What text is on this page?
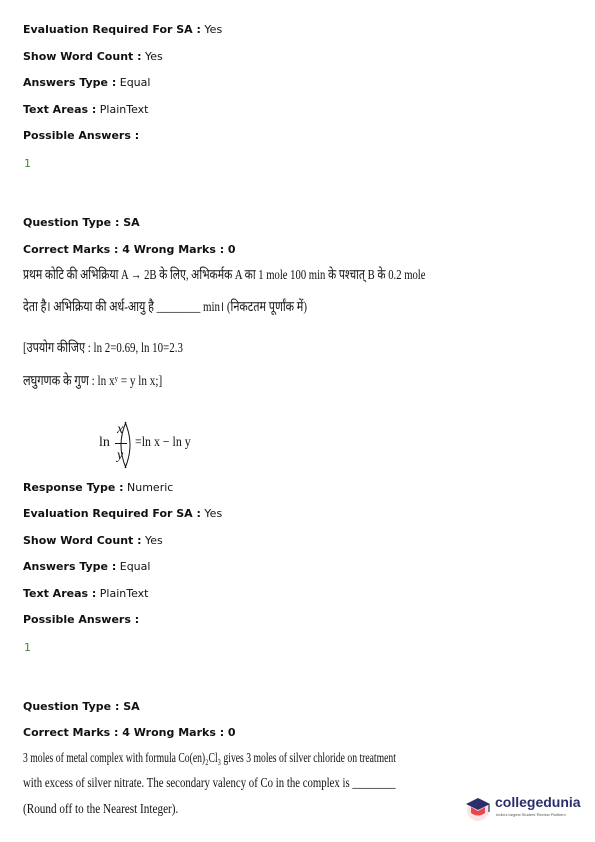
Evaluation Required For SA : Yes
Show Word Count : Yes
Answers Type : Equal
Text Areas : PlainText
Possible Answers :
1
Question Type : SA
Correct Marks : 4 Wrong Marks : 0
प्रथम कोटि की अभिक्रिया A → 2B के लिए, अभिकर्मक A का 1 mole 100 min के पश्चात् B के 0.2 mole
देता है। अभिक्रिया की अर्ध-आयु है ________ min। (निकटतम पूर्णांक में)
[उपयोग कीजिए : ln 2=0.69, ln 10=2.3
लघुगणक के गुण : ln xʸ = y ln x;]
ln
x
y
=ln x − ln y
Response Type : Numeric
Evaluation Required For SA : Yes
Show Word Count : Yes
Answers Type : Equal
Text Areas : PlainText
Possible Answers :
1
Question Type : SA
Correct Marks : 4 Wrong Marks : 0
3 moles of metal complex with formula Co(en)₂Cl₃ gives 3 moles of silver chloride on treatment
with excess of silver nitrate. The secondary valency of Co in the complex is ________
(Round off to the Nearest Integer).	collegedunia
India's largest Student Review Platform
